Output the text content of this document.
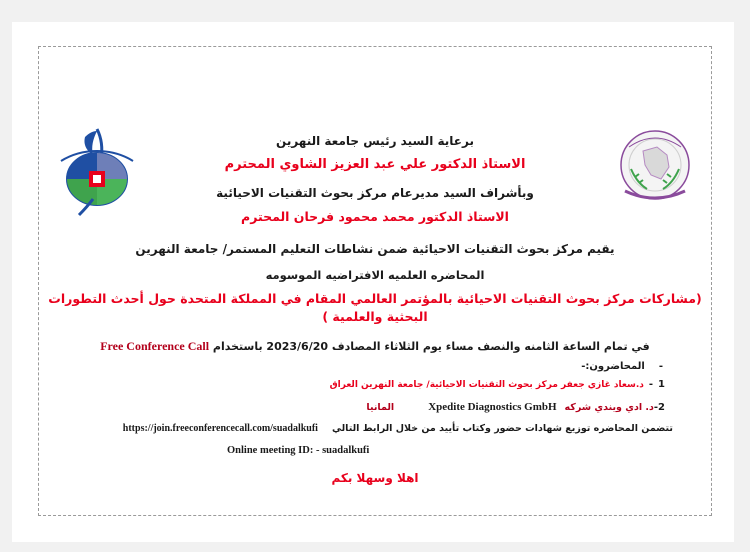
برعاية السيد رئيس جامعة النهرين

الاستاذ الدكتور علي عبد العزيز الشاوي المحترم

وبأشراف السيد مديرعام مركز بحوث التقنيات الاحيائية

الاستاذ الدكتور محمد محمود فرحان المحترم

يقيم مركز بحوث التقنيات الاحيائية ضمن نشاطات التعليم المستمر/ جامعة النهرين

المحاضره العلميه الافتراضيه الموسومه

(مشاركات مركز بحوث التقنيات الاحيائية بالمؤتمر العالمي المقام في المملكة المتحدة حول أحدث التطورات

البحثية والعلمية )

في تمام الساعة الثامنه والنصف مساء يوم الثلاثاء المصادف 2023/6/20 باستخدام Free Conference Call

-المحاضرون:-
1-د.سعاد غازي جعفر مركز بحوث التقنيات الاحيائية/ جامعة النهرين العراق
2-د. ادي ويندي شركهXpedite Diagnostics GmbHالمانيا
تتضمن المحاضره توزيع شهادات حضور وكتاب تأييد من خلال الرابط التاليhttps://join.freeconferencecall.com/suadalkufi
Online meeting ID: - suadalkufi

اهلا وسهلا بكم
